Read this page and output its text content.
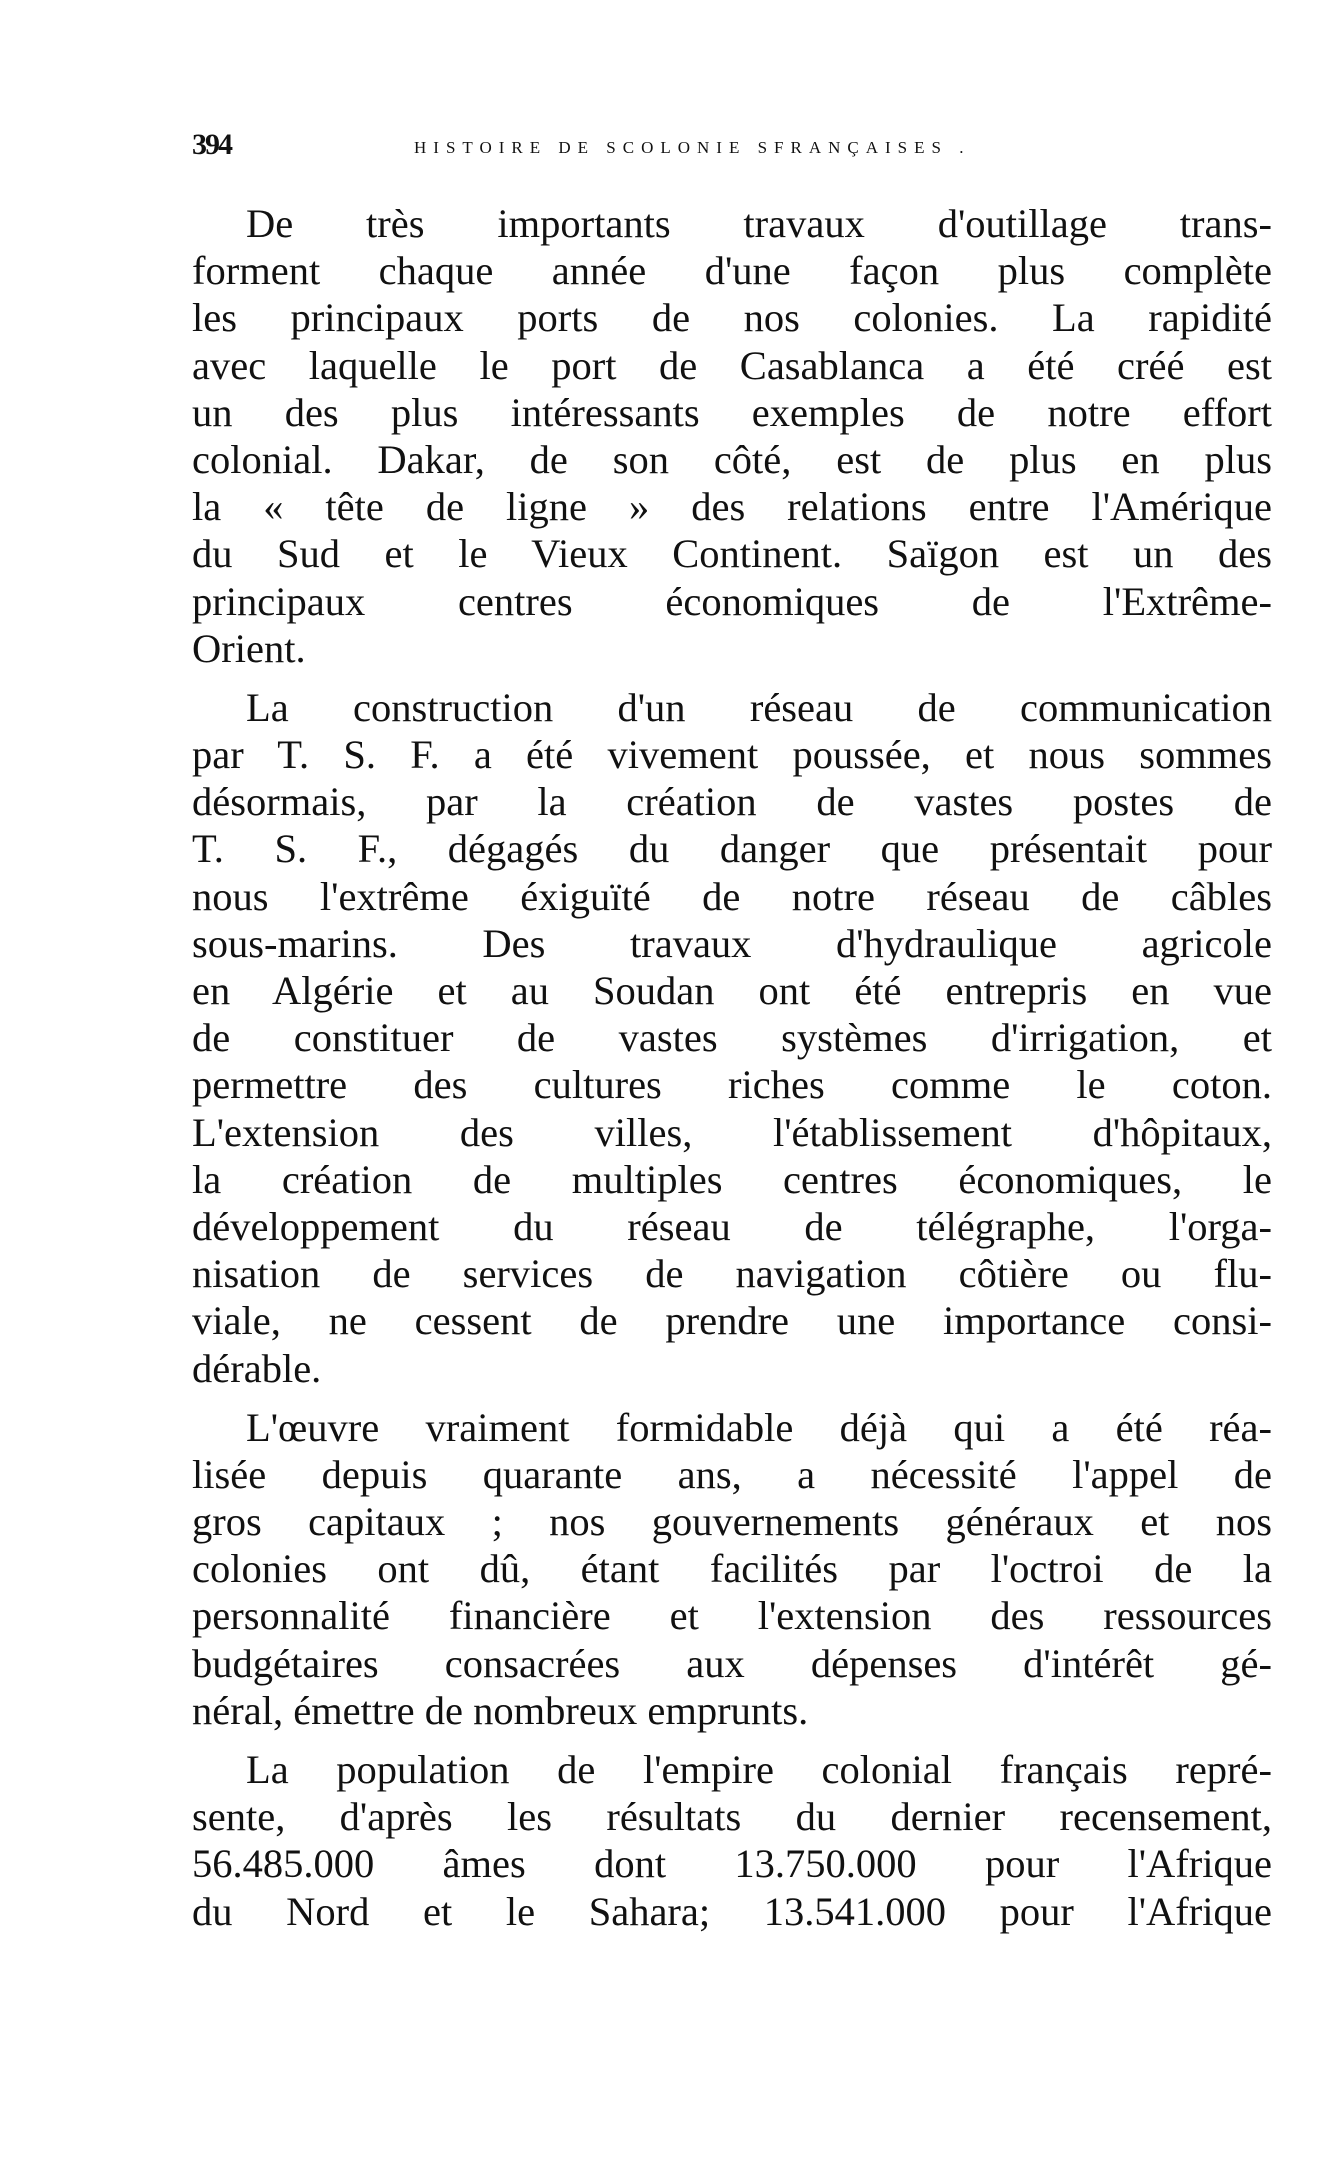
394	HISTOIRE DE SCOLONIE SFRANÇAISES .
De très importants travaux d'outillage trans-
forment chaque année d'une façon plus complète
les principaux ports de nos colonies. La rapidité
avec laquelle le port de Casablanca a été créé est
un des plus intéressants exemples de notre effort
colonial. Dakar, de son côté, est de plus en plus
la « tête de ligne » des relations entre l'Amérique
du Sud et le Vieux Continent. Saïgon est un des
principaux centres économiques de l'Extrême-
Orient.
La construction d'un réseau de communication
par T. S. F. a été vivement poussée, et nous sommes
désormais, par la création de vastes postes de
T. S. F., dégagés du danger que présentait pour
nous l'extrême éxiguïté de notre réseau de câbles
sous-marins. Des travaux d'hydraulique agricole
en Algérie et au Soudan ont été entrepris en vue
de constituer de vastes systèmes d'irrigation, et
permettre des cultures riches comme le coton.
L'extension des villes, l'établissement d'hôpitaux,
la création de multiples centres économiques, le
développement du réseau de télégraphe, l'orga-
nisation de services de navigation côtière ou flu-
viale, ne cessent de prendre une importance consi-
dérable.
L'œuvre vraiment formidable déjà qui a été réa-
lisée depuis quarante ans, a nécessité l'appel de
gros capitaux ; nos gouvernements généraux et nos
colonies ont dû, étant facilités par l'octroi de la
personnalité financière et l'extension des ressources
budgétaires consacrées aux dépenses d'intérêt gé-
néral, émettre de nombreux emprunts.
La population de l'empire colonial français repré-
sente, d'après les résultats du dernier recensement,
56.485.000 âmes dont 13.750.000 pour l'Afrique
du Nord et le Sahara; 13.541.000 pour l'Afrique
